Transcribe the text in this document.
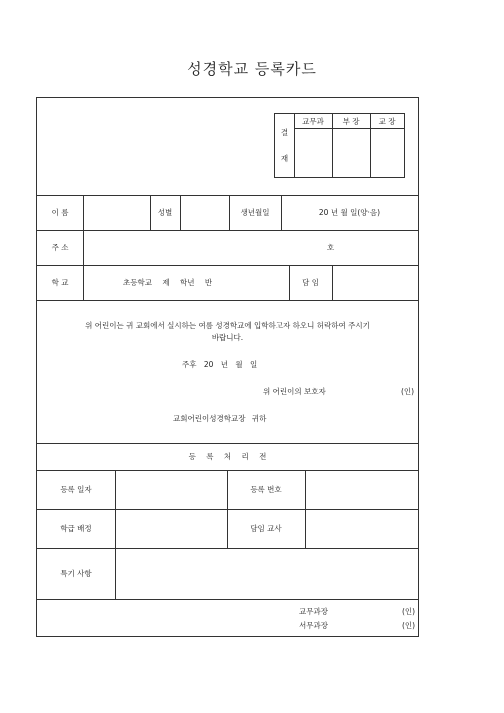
성경학교 등록카드
결
재
교무과	부 장	교 장
이 름	성별	생년월일	20 년 월 일(양·음)
주 소	호
학 교	초등학교 제 학년 반	담 임
위 어린이는 귀 교회에서 실시하는 여름 성경학교에 입학하고자 하오니 허락하여 주시기
바랍니다.
주후 20 년 월 일
위 어린이의 보호자	(인)
교회어린이성경학교장 귀하
등 록 처 리 전
등록 일자	등록 번호
학급 배정	담임 교사
특기 사항
교무과장	(인)
서무과장	(인)
